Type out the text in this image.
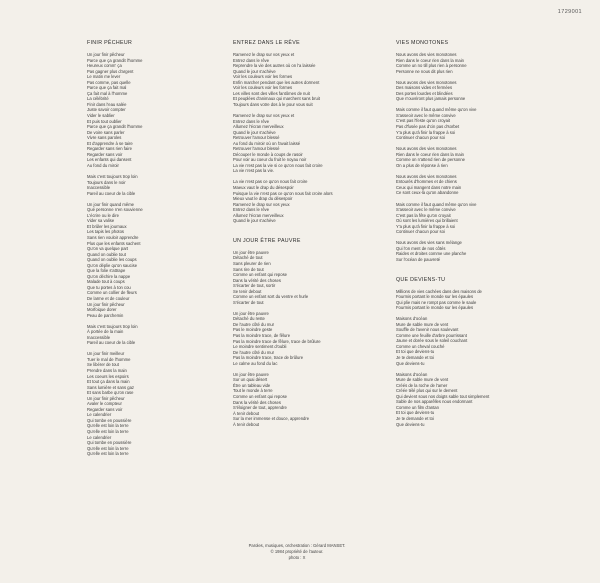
1729001
FINIR PÊCHEUR
Un jour finir pêcheur
Parce que ça grandit l'homme
Heureux comm' ça
Pas gagner plus d'argent
Le matin me lever
Pas comme, pas quelle
Parce que ça fait mal
Ça fait mal à l'homme
La célébrité
Finir dans l'eau salée
Juste savoir compter
Vider le sablier
Et puis tout oublier
Parce que ça grandit l'homme
De voire sans parler
Vivre sans paroles
Et d'apprendre à se taire
Regarder sans rien faire
Regarder sans voir
Les enfants qui dansent
Au fond du miroir
Mais c'est toujours trop loin
Toujours dans le noir
Inaccessible
Pareil au coeur de la cible
Un jour finir quand même
Qué personne n'en souvienne
L'écrire ou le dire
Vider sa valise
Et brûler les journaux
Les tapis les photos
Sans rien vouloir apprendre
Plus que les enfants sachent
Qu'on va quelque part
Quand on oublie tout
Quand on oublie les coups
Qu'on déplie qu'on saucise
Que la folie s'attrape
Qu'on déchire la nappe
Malade tout à coups
Que tu portes à ton cou
Comme un collier de fleurs
De larme et de couleur
Un jour finir pêcheur
Morfoique dorer
Peau de parchemin
Mais c'est toujours trop loin
À portée de la main
Inaccessible
Pareil au coeur de la cible
Un jour finir meilleur
Tuer le mal de l'homme
Se libérer de tout
Prendre dans la main
Les coeurs les espoirs
Et tout ça dans la main
Sans lumière et sans gaz
Et sans barbe qu'on rase
Un jour finir pêcheur
Avaler le compteur
Regarder sans voir
Le calendrier
Qui tombe en poussière
Qu'elle est loin la terre
Qu'elle est loin la terre
Le calendrier
Qui tombe en poussière
Qu'elle est loin la terre
Qu'elle est loin la terre
ENTREZ DANS LE RÊVE
Ramenez le drap sur vos yeux et
Entrez dans le rêve
Reprendre la vie des autres où on l'a laissée
Quand le jour s'achève
Voir les couleurs voir les formes
Enfin marcher pendant que les autres dorment
Voir les couleurs voir les formes
Les villes sont des villes fantômes de nuit
Et peuplées d'animaux qui marchent sans bruit
Toujours dans votre dos à le pour vous suit
Ramenez le drap sur vos yeux et
Entrez dans le rêve
Allumez l'écran merveilleux
Quand le jour s'achève
Retrouver l'amour blessé
Au fond du miroir où on l'avait laissé
Retrouver l'amour blessé
Découper le monde à coups de rasoir
Pour voir au coeur du fruit le noyau noir
La vie n'est pas la vie si ce qu'on nous fait croire
La vie n'est pas la vie.
La vie n'est pas ce qu'on nous fait croire
Maeux vaut le drap du désespoir
Puisque la vie n'est pas ce qu'on nous fait croire alors
Mieux vaut le drap du désespoir
Ramenez le drap sur vos yeux
Entrez dans le rêve
Allumez l'écran merveilleux
Quand le jour s'achève
UN JOUR ÊTRE PAUVRE
Un jour être pauvre
Détaché de tout
Sans pleurer de rien
Sans rire de tout
Comme un enfant qui repose
Dans la vérité des choses
S'écarter de tout, sortir
Se tenir debout
Comme un enfant sort du ventre et hurle
S'écarter de tout
Un jour être pauvre
Détaché du reste
De l'autre côté du mur
Pas le moindre geste
Pas la moindre trace, de fêlure
Pas la moindre trace de fêlure, trace de brûlure
Le moindre sentiment d'oubli
De l'autre côté du mur
Pas la moindre trace, trace de brûlure
Le calme au fond du lac
Un jour être pauvre
Sur un quai désert
Être un tableau vide
Tout le monde à terre
Comme un enfant qui repose
Dans la vérité des choses
S'éloigner de tout, apprendre
À tenir debout
Sur la mer immense et douce, apprendre
À tenir debout
VIES MONOTONES
Nous avons des vies monotones
Rien dans le coeur rien dans la main
Comme un no till plus rien à personne
Personne ne nous dit plus rien
Nous avons des vies monotones
Des maisons vides et fermées
Des portes lourdes et blindées
Que n'ouvriront plus jamais personne
Mais comme il faut quand même qu'on vive
S'asseoir avec le même convive
C'est pas l'feste qu'on croyait
Pas d'fusée pas d'cin pas d'sorbet
Y'a plus qu'à finir la frappe à soi
Continuer chacun pour soi
Nous avons des vies monotones
Rien dans le coeur rien dans la main
Comme on n'attend rien de personne
On a plus de réponse à rien
Nous avons des vies monotones
Entourés d'hommes et de chiens
Ceux qui mangent dans notre main
Ce sont ceux-là qu'on abandonne
Mais comme il faut quand même qu'on vive
S'asseoir avec le même convive
C'est pas la fête qu'on croyait
Où sont les lumières qui brillaient
Y'a plus qu'à finir la frappe à soi
Continuer chacun pour soi
Nous avons des vies sans mélange
Qui l'on ment de nos côtés
Raides et droites comme une planche
Sur l'océan de pauvreté
QUE DEVIENS-TU
Millions de vies cachées dans des maisons de
Fourmis portant le monde sur les épaules
Qui plie mais ne rompt pas comme le saule
Fourmis portant le monde sur les épaules
Maisons d'océan
Mure de sable mure de vent
Souffle de l'avenir nous soulevant
Comme une feuille d'arbre pourrissant
Jaune et dorée sous le soleil couchant
Comme un cheval couché
Et toi que deviens-tu
Je te demande et toi
Que deviens-tu
Maisons d'océan
Mure de sable mure de vent
Créés de la roche de l'amer
Créée télé plus qui sur le dement
Qui devient sous nos doigts sable tout simplement
Sable de nos apparêlles nous endormant
Comme un film d'antan
Et toi que deviens-tu
Je te demande et toi
Que deviens-tu
Paroles, musiques, orchestration : Gérard MANSET.
© 1984 propriété de l'auteur.
photo : X
